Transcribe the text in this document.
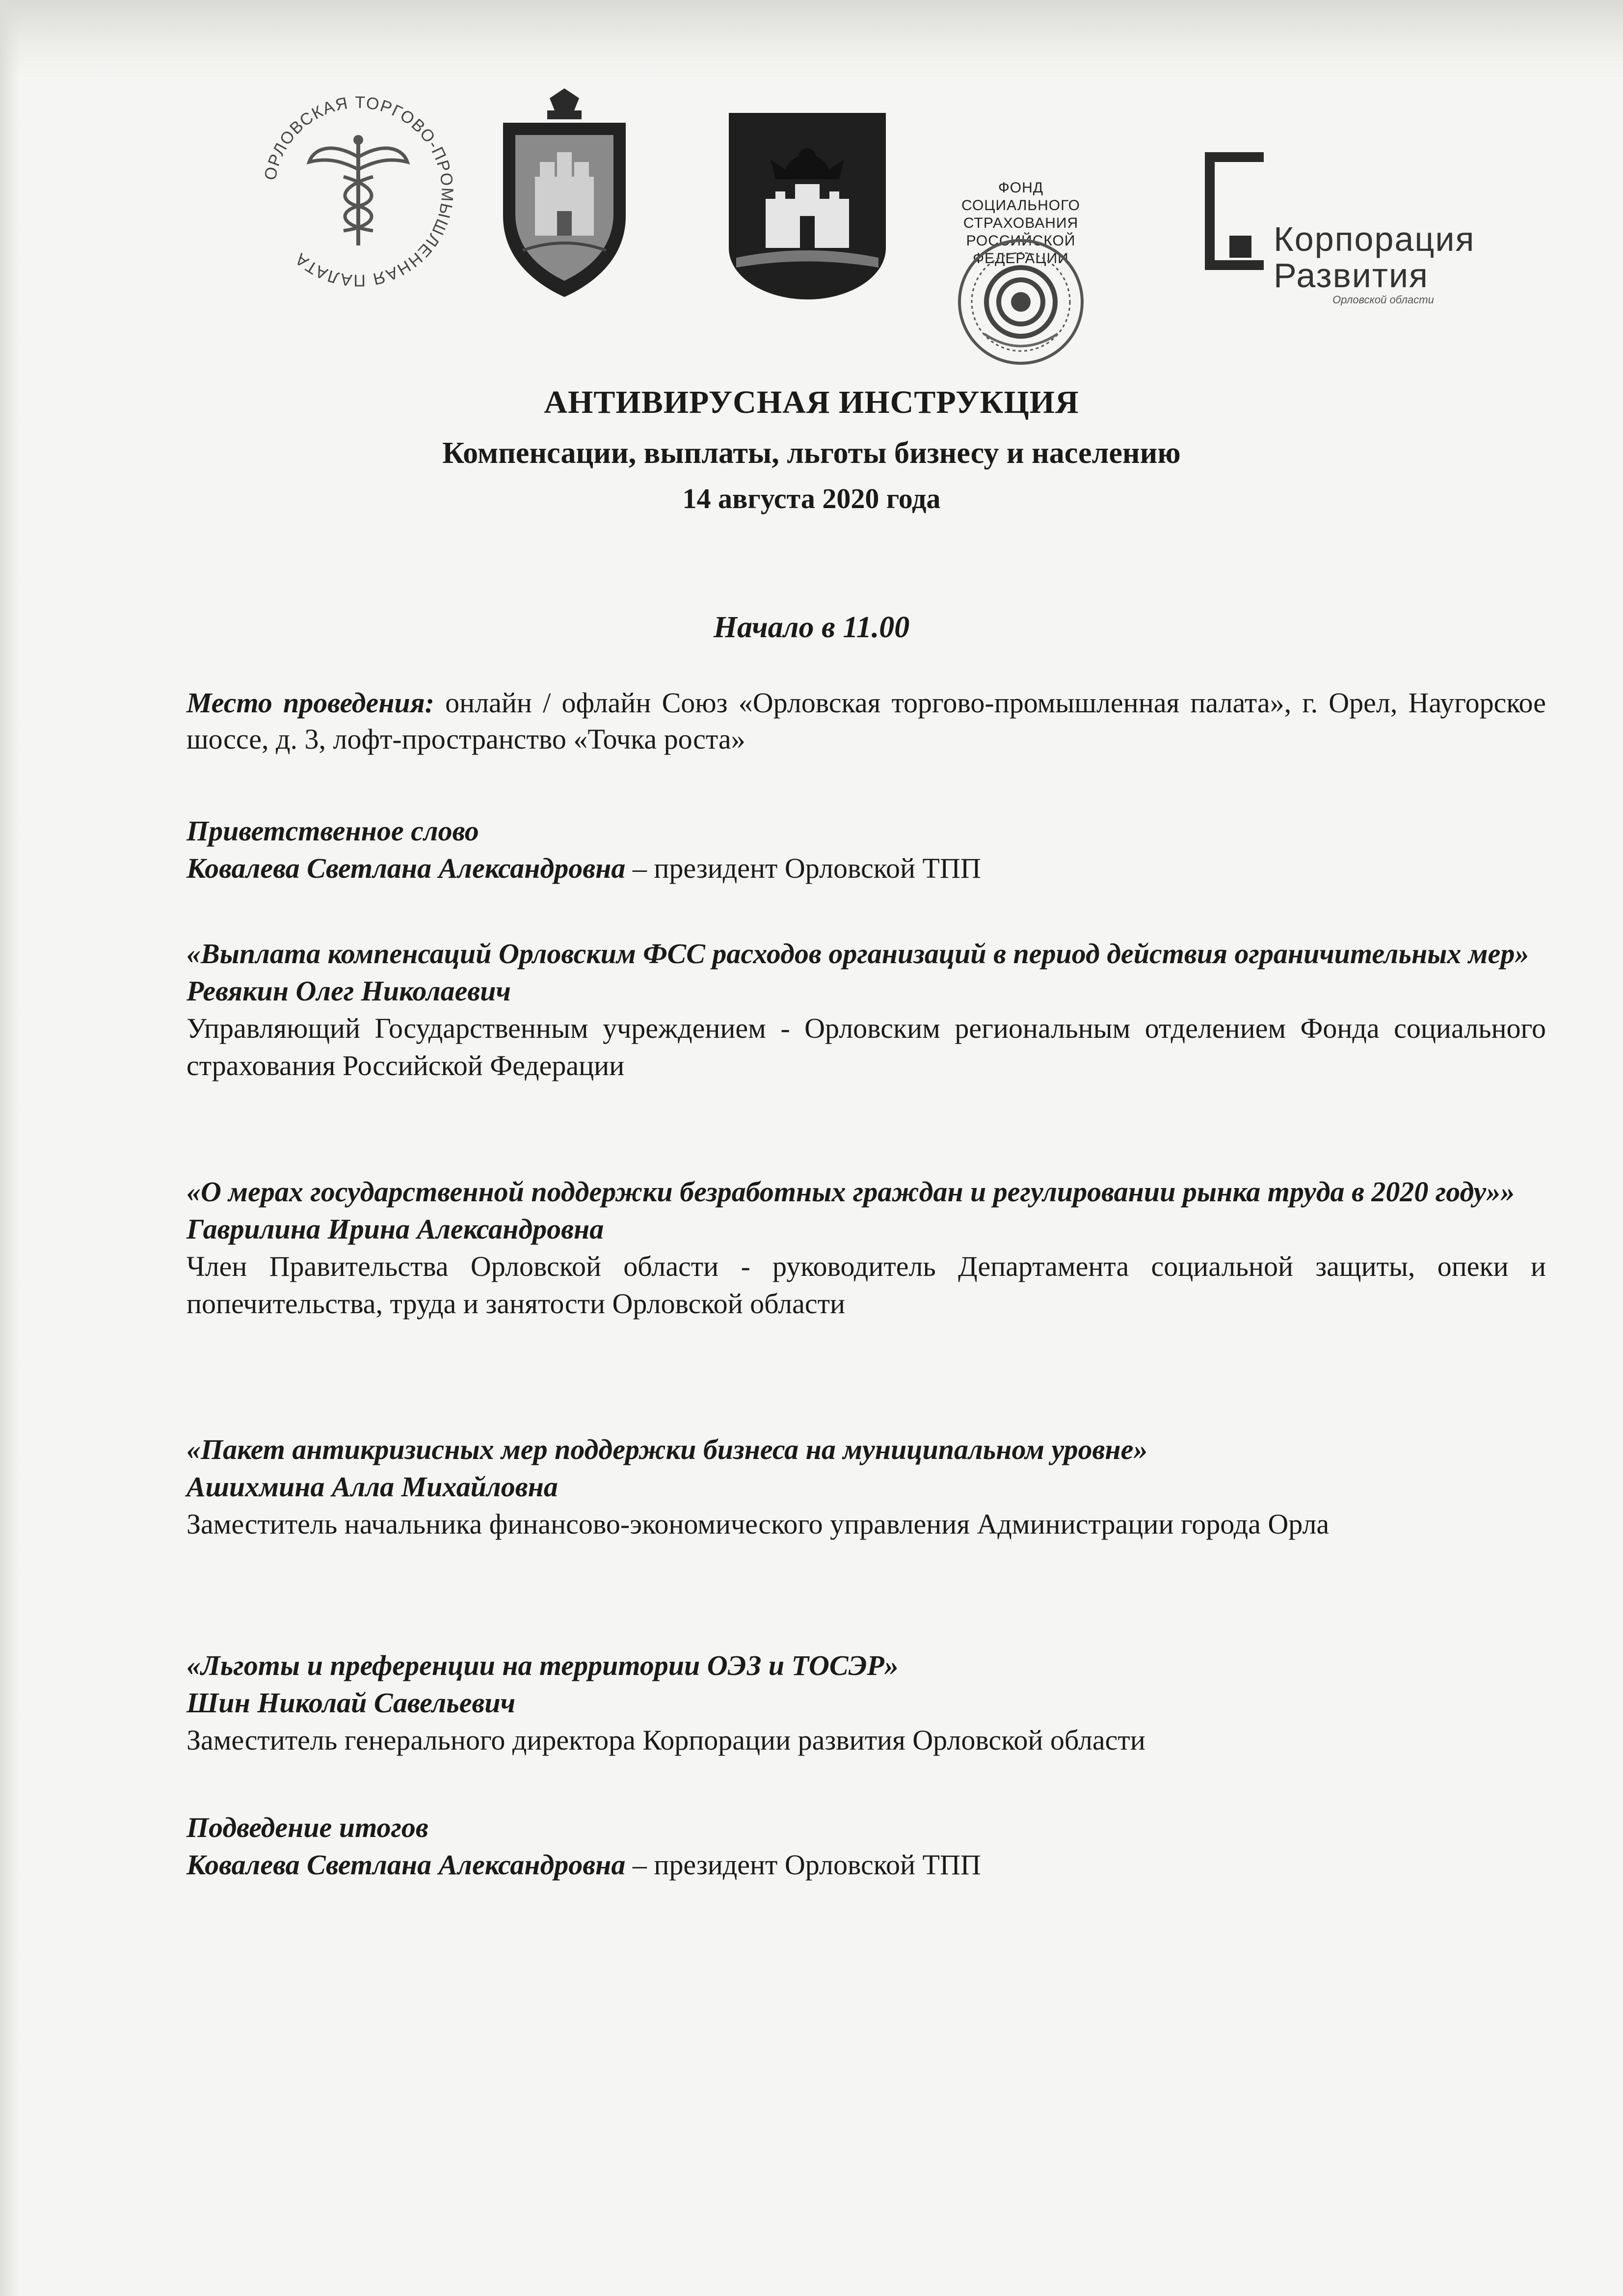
ОРЛОВСКАЯ ТОРГОВО-ПРОМЫШЛЕННАЯ ПАЛАТА
ФОНД
СОЦИАЛЬНОГО СТРАХОВАНИЯ
РОССИЙСКОЙ ФЕДЕРАЦИИ
Корпорация
Развития
Орловской области
АНТИВИРУСНАЯ ИНСТРУКЦИЯ
Компенсации, выплаты, льготы бизнесу и населению
14 августа 2020 года
Начало в 11.00
Место проведения: онлайн / офлайн Союз «Орловская торгово-промышленная палата», г. Орел, Наугорское шоссе, д. 3, лофт-пространство «Точка роста»

Приветственное слово

Ковалева Светлана Александровна – президент Орловской ТПП

«Выплата компенсаций Орловским ФСС расходов организаций в период действия ограничительных мер»

Ревякин Олег Николаевич

Управляющий Государственным учреждением - Орловским региональным отделением Фонда социального страхования Российской Федерации

«О мерах государственной поддержки безработных граждан и регулировании рынка труда в 2020 году»»

Гаврилина Ирина Александровна

Член Правительства Орловской области - руководитель Департамента социальной защиты, опеки и попечительства, труда и занятости Орловской области

«Пакет антикризисных мер поддержки бизнеса на муниципальном уровне»

Ашихмина Алла Михайловна

Заместитель начальника финансово-экономического управления Администрации города Орла

«Льготы и преференции на территории ОЭЗ и ТОСЭР»

Шин Николай Савельевич

Заместитель генерального директора Корпорации развития Орловской области

Подведение итогов

Ковалева Светлана Александровна – президент Орловской ТПП
